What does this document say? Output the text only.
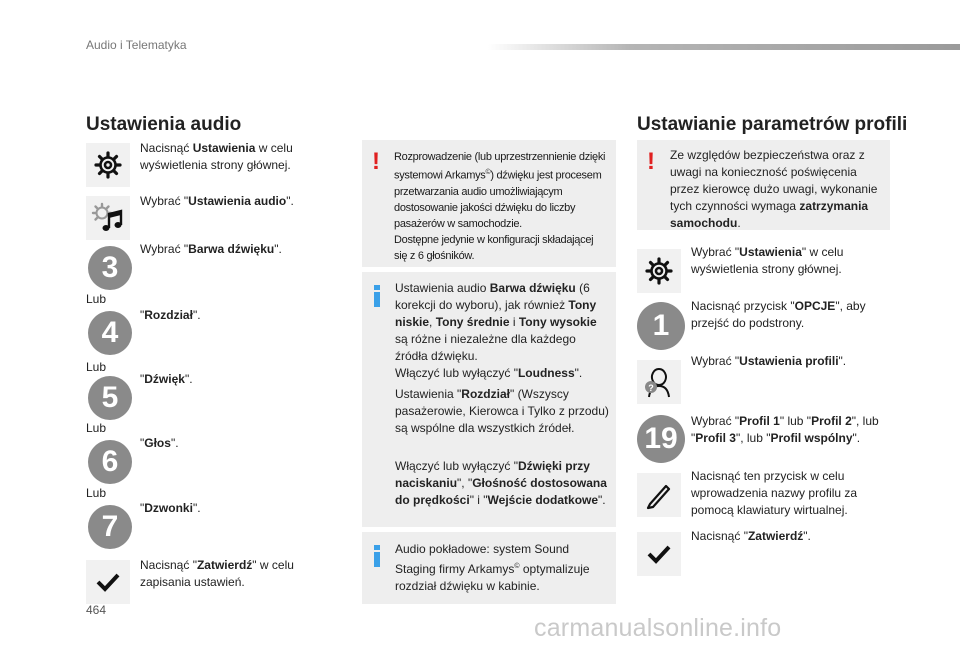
Audio i Telematyka
Ustawienia audio
Nacisnąć Ustawienia w celu wyświetlenia strony głównej.
Wybrać "Ustawienia audio".
3
Wybrać "Barwa dźwięku".
Lub
4
"Rozdział".
Lub
5
"Dźwięk".
Lub
6
"Głos".
Lub
7
"Dzwonki".
Nacisnąć "Zatwierdź" w celu zapisania ustawień.
! Rozprowadzenie (lub uprzestrzennienie dzięki
systemowi Arkamys©) dźwięku jest procesem
przetwarzania audio umożliwiającym
dostosowanie jakości dźwięku do liczby
pasażerów w samochodzie.
Dostępne jedynie w konfiguracji składającej
się z 6 głośników.
Ustawienia audio Barwa dźwięku (6 korekcji do wyboru), jak również Tony niskie, Tony średnie i Tony wysokie są różne i niezależne dla każdego źródła dźwięku.
Włączyć lub wyłączyć "Loudness".
Ustawienia "Rozdział" (Wszyscy pasażerowie, Kierowca i Tylko z przodu) są wspólne dla wszystkich źródeł.
Włączyć lub wyłączyć "Dźwięki przy naciskaniu", "Głośność dostosowana do prędkości" i "Wejście dodatkowe".
Audio pokładowe: system Sound Staging firmy Arkamys© optymalizuje rozdział dźwięku w kabinie.
Ustawianie parametrów profili
! Ze względów bezpieczeństwa oraz z uwagi na konieczność poświęcenia przez kierowcę dużo uwagi, wykonanie tych czynności wymaga zatrzymania samochodu.
Wybrać "Ustawienia" w celu wyświetlenia strony głównej.
1
Nacisnąć przycisk "OPCJE", aby przejść do podstrony.
?
Wybrać "Ustawienia profili".
19
Wybrać "Profil 1" lub "Profil 2", lub "Profil 3", lub "Profil wspólny".
Nacisnąć ten przycisk w celu wprowadzenia nazwy profilu za pomocą klawiatury wirtualnej.
Nacisnąć "Zatwierdź".
464
carmanualsonline.info
